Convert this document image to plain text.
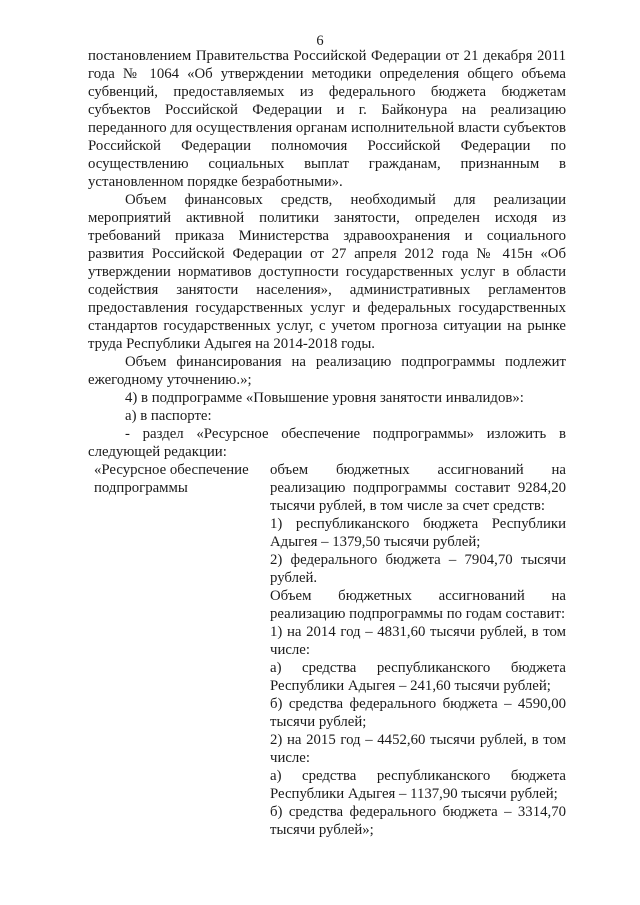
6

постановлением Правительства Российской Федерации от 21 декабря 2011 года № 1064 «Об утверждении методики определения общего объема субвенций, предоставляемых из федерального бюджета бюджетам субъектов Российской Федерации и г. Байконура на реализацию переданного для осуществления органам исполнительной власти субъектов Российской Федерации полномочия Российской Федерации по осуществлению социальных выплат гражданам, признанным в установленном порядке безработными».

Объем финансовых средств, необходимый для реализации мероприятий активной политики занятости, определен исходя из требований приказа Министерства здравоохранения и социального развития Российской Федерации от 27 апреля 2012 года № 415н «Об утверждении нормативов доступности государственных услуг в области содействия занятости населения», административных регламентов предоставления государственных услуг и федеральных государственных стандартов государственных услуг, с учетом прогноза ситуации на рынке труда Республики Адыгея на 2014-2018 годы.

Объем финансирования на реализацию подпрограммы подлежит ежегодному уточнению.»;

4) в подпрограмме «Повышение уровня занятости инвалидов»:

а) в паспорте:

- раздел «Ресурсное обеспечение подпрограммы» изложить в следующей редакции:

«Ресурсное обеспечение подпрограммы

объем бюджетных ассигнований на реализацию подпрограммы составит 9284,20 тысячи рублей, в том числе за счет средств:

1) республиканского бюджета Республики Адыгея – 1379,50 тысячи рублей;

2) федерального бюджета – 7904,70 тысячи рублей.

Объем бюджетных ассигнований на реализацию подпрограммы по годам составит:

1) на 2014 год – 4831,60 тысячи рублей, в том числе:

а) средства республиканского бюджета Республики Адыгея – 241,60 тысячи рублей;

б) средства федерального бюджета – 4590,00 тысячи рублей;

2) на 2015 год – 4452,60 тысячи рублей, в том числе:

а) средства республиканского бюджета Республики Адыгея – 1137,90 тысячи рублей;

б) средства федерального бюджета – 3314,70 тысячи рублей»;
